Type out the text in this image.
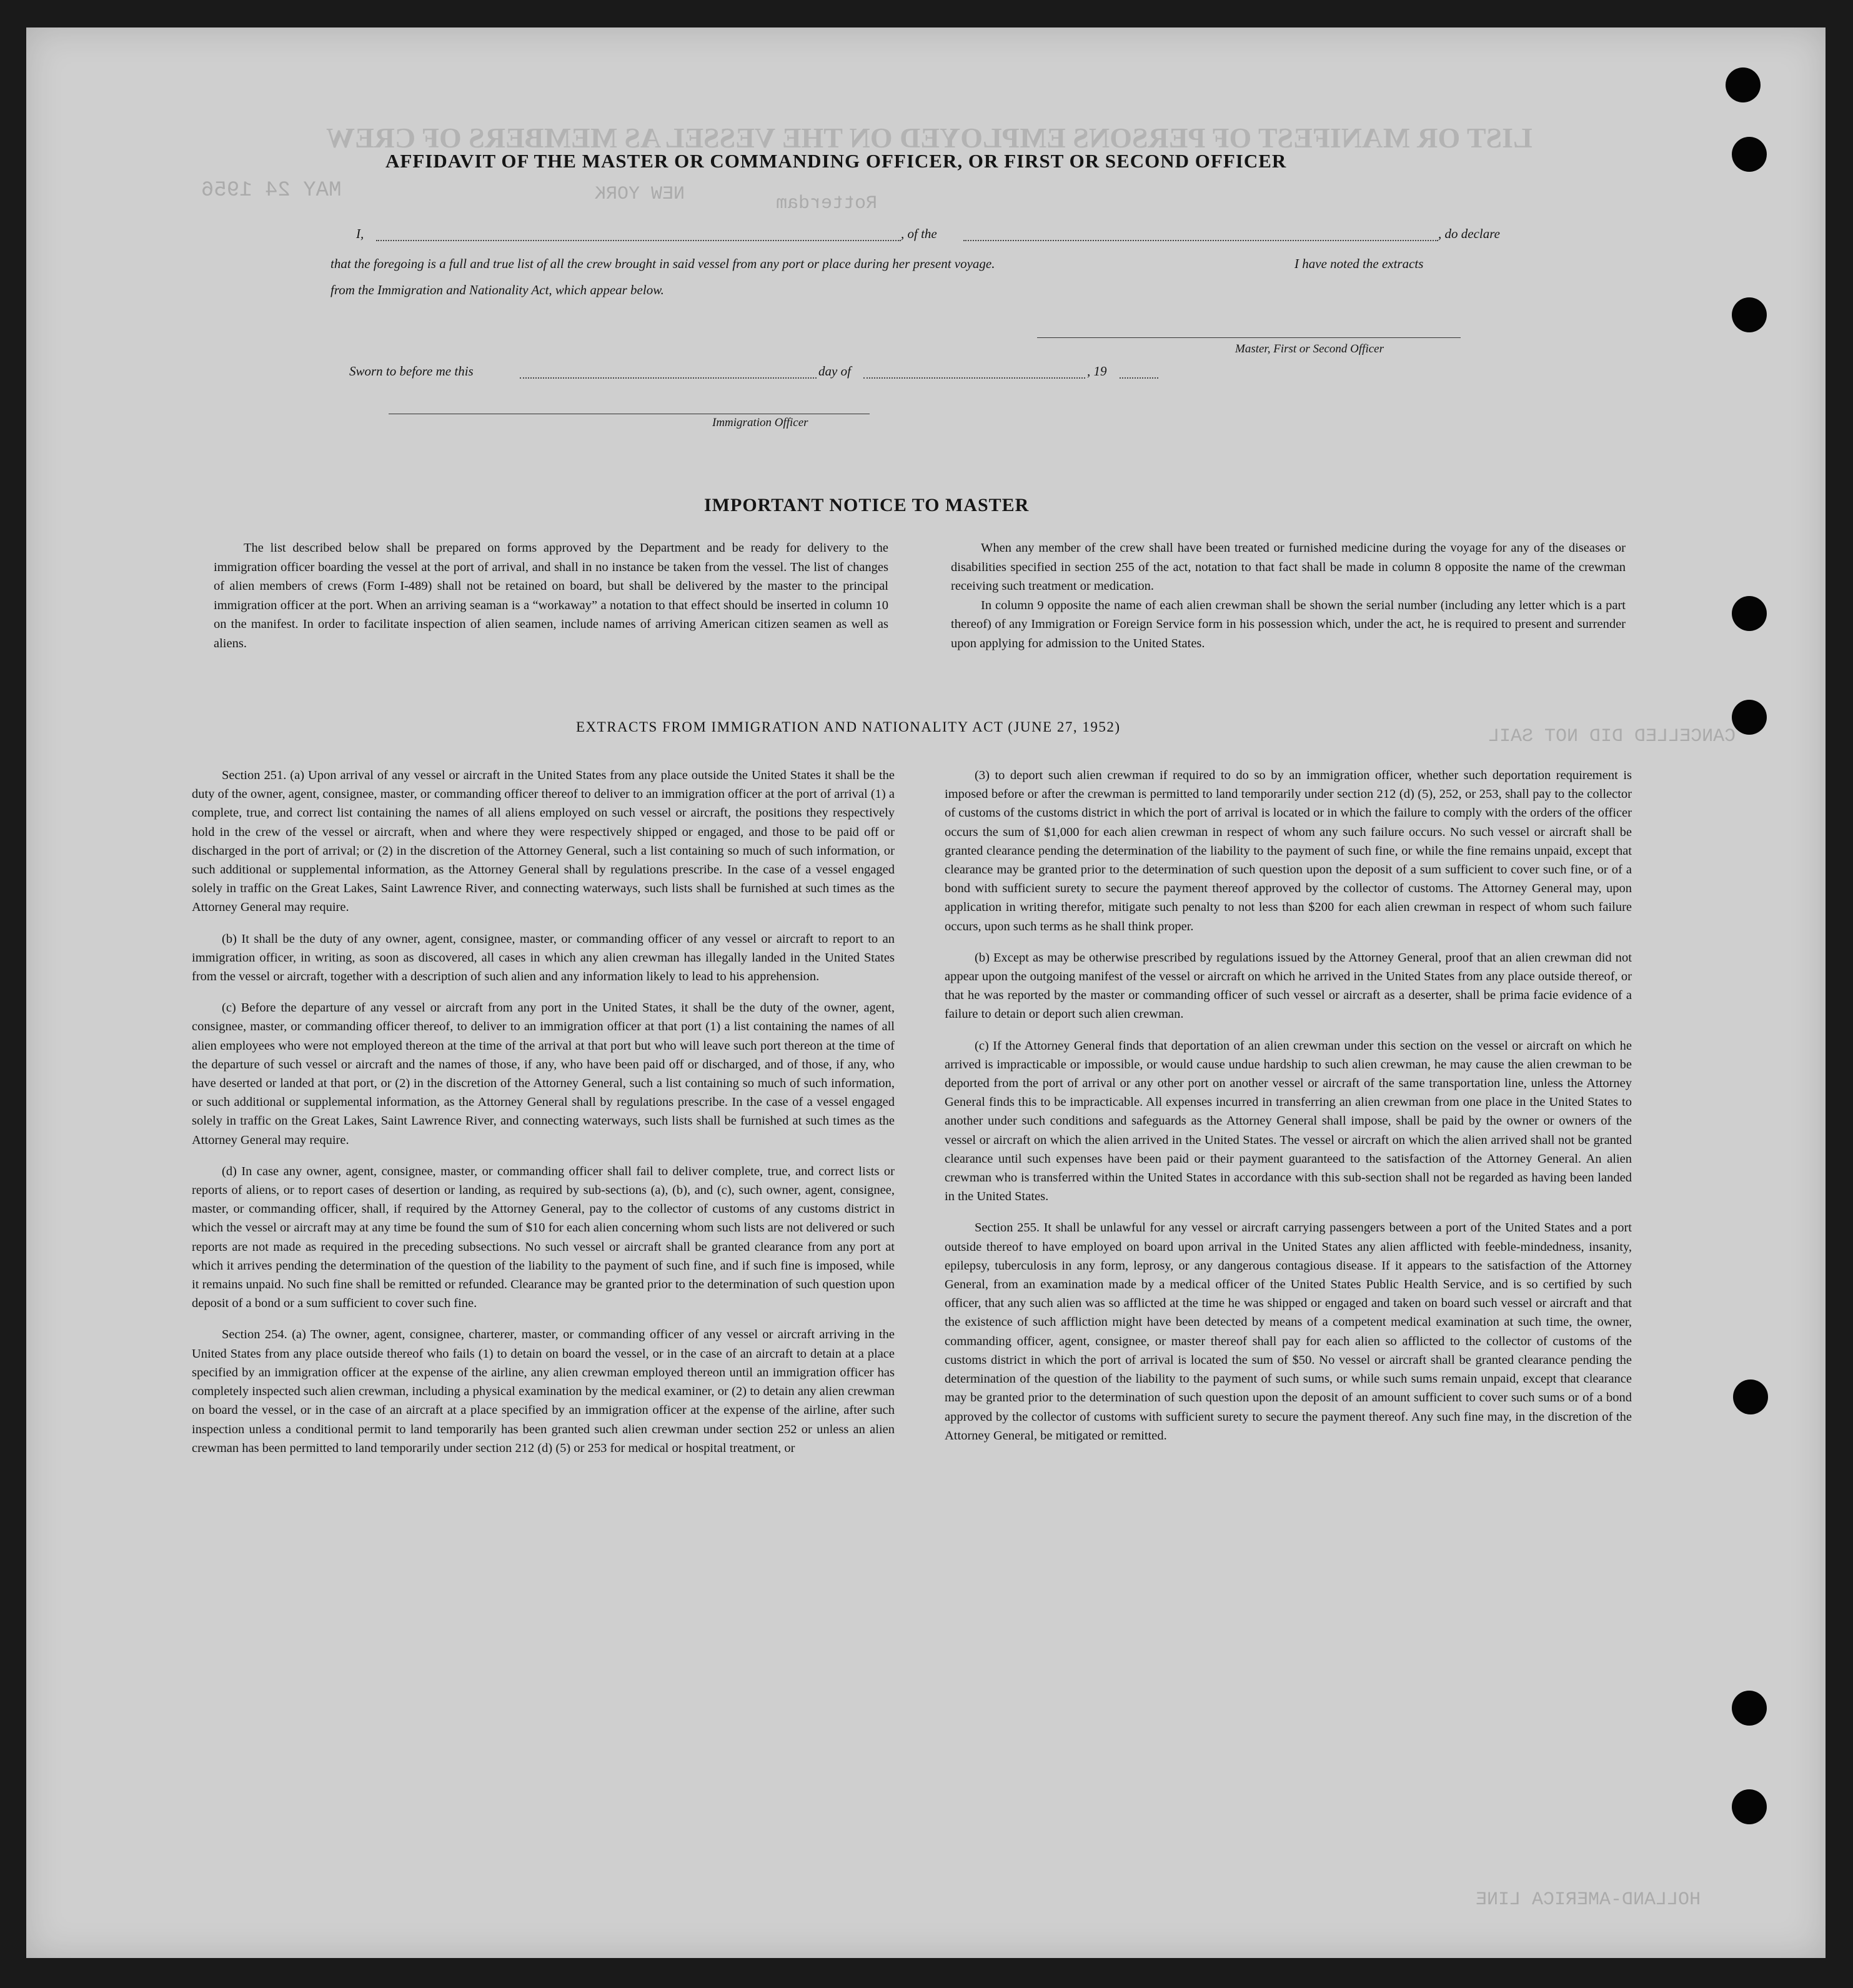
LIST OR MANIFEST OF PERSONS EMPLOYED ON THE VESSEL AS MEMBERS OF CREW
MAY 24 1956	NEW YORK	Rotterdam
CANCELLED DID NOT SAIL
HOLLAND-AMERICA LINE
AFFIDAVIT OF THE MASTER OR COMMANDING OFFICER, OR FIRST OR SECOND OFFICER
I,	, of the	, do declare
that the foregoing is a full and true list of all the crew brought in said vessel from any port or place during her present voyage.	I have noted the extracts
from the Immigration and Nationality Act, which appear below.
Master, First or Second Officer
Sworn to before me this	day of	, 19
Immigration Officer
IMPORTANT NOTICE TO MASTER

The list described below shall be prepared on forms approved by the Department and be ready for delivery to the immigration officer boarding the vessel at the port of arrival, and shall in no instance be taken from the vessel. The list of changes of alien members of crews (Form I-489) shall not be retained on board, but shall be delivered by the master to the principal immigration officer at the port. When an arriving seaman is a “workaway” a notation to that effect should be inserted in column 10 on the manifest. In order to facilitate inspection of alien seamen, include names of arriving American citizen seamen as well as aliens.

When any member of the crew shall have been treated or furnished medicine during the voyage for any of the diseases or disabilities specified in section 255 of the act, notation to that fact shall be made in column 8 opposite the name of the crewman receiving such treatment or medication.

In column 9 opposite the name of each alien crewman shall be shown the serial number (including any letter which is a part thereof) of any Immigration or Foreign Service form in his possession which, under the act, he is required to present and surrender upon applying for admission to the United States.

EXTRACTS FROM IMMIGRATION AND NATIONALITY ACT (JUNE 27, 1952)

Section 251. (a) Upon arrival of any vessel or aircraft in the United States from any place outside the United States it shall be the duty of the owner, agent, consignee, master, or commanding officer thereof to deliver to an immigration officer at the port of arrival (1) a complete, true, and correct list containing the names of all aliens employed on such vessel or aircraft, the positions they respectively hold in the crew of the vessel or aircraft, when and where they were respectively shipped or engaged, and those to be paid off or discharged in the port of arrival; or (2) in the discretion of the Attorney General, such a list containing so much of such information, or such additional or supplemental information, as the Attorney General shall by regulations prescribe. In the case of a vessel engaged solely in traffic on the Great Lakes, Saint Lawrence River, and connecting waterways, such lists shall be furnished at such times as the Attorney General may require.

(b) It shall be the duty of any owner, agent, consignee, master, or commanding officer of any vessel or aircraft to report to an immigration officer, in writing, as soon as discovered, all cases in which any alien crewman has illegally landed in the United States from the vessel or aircraft, together with a description of such alien and any information likely to lead to his apprehension.

(c) Before the departure of any vessel or aircraft from any port in the United States, it shall be the duty of the owner, agent, consignee, master, or commanding officer thereof, to deliver to an immigration officer at that port (1) a list containing the names of all alien employees who were not employed thereon at the time of the arrival at that port but who will leave such port thereon at the time of the departure of such vessel or aircraft and the names of those, if any, who have been paid off or discharged, and of those, if any, who have deserted or landed at that port, or (2) in the discretion of the Attorney General, such a list containing so much of such information, or such additional or supplemental information, as the Attorney General shall by regulations prescribe. In the case of a vessel engaged solely in traffic on the Great Lakes, Saint Lawrence River, and connecting waterways, such lists shall be furnished at such times as the Attorney General may require.

(d) In case any owner, agent, consignee, master, or commanding officer shall fail to deliver complete, true, and correct lists or reports of aliens, or to report cases of desertion or landing, as required by sub-sections (a), (b), and (c), such owner, agent, consignee, master, or commanding officer, shall, if required by the Attorney General, pay to the collector of customs of any customs district in which the vessel or aircraft may at any time be found the sum of $10 for each alien concerning whom such lists are not delivered or such reports are not made as required in the preceding subsections. No such vessel or aircraft shall be granted clearance from any port at which it arrives pending the determination of the question of the liability to the payment of such fine, and if such fine is imposed, while it remains unpaid. No such fine shall be remitted or refunded. Clearance may be granted prior to the determination of such question upon deposit of a bond or a sum sufficient to cover such fine.

Section 254. (a) The owner, agent, consignee, charterer, master, or commanding officer of any vessel or aircraft arriving in the United States from any place outside thereof who fails (1) to detain on board the vessel, or in the case of an aircraft to detain at a place specified by an immigration officer at the expense of the airline, any alien crewman employed thereon until an immigration officer has completely inspected such alien crewman, including a physical examination by the medical examiner, or (2) to detain any alien crewman on board the vessel, or in the case of an aircraft at a place specified by an immigration officer at the expense of the airline, after such inspection unless a conditional permit to land temporarily has been granted such alien crewman under section 252 or unless an alien crewman has been permitted to land temporarily under section 212 (d) (5) or 253 for medical or hospital treatment, or

(3) to deport such alien crewman if required to do so by an immigration officer, whether such deportation requirement is imposed before or after the crewman is permitted to land temporarily under section 212 (d) (5), 252, or 253, shall pay to the collector of customs of the customs district in which the port of arrival is located or in which the failure to comply with the orders of the officer occurs the sum of $1,000 for each alien crewman in respect of whom any such failure occurs. No such vessel or aircraft shall be granted clearance pending the determination of the liability to the payment of such fine, or while the fine remains unpaid, except that clearance may be granted prior to the determination of such question upon the deposit of a sum sufficient to cover such fine, or of a bond with sufficient surety to secure the payment thereof approved by the collector of customs. The Attorney General may, upon application in writing therefor, mitigate such penalty to not less than $200 for each alien crewman in respect of whom such failure occurs, upon such terms as he shall think proper.

(b) Except as may be otherwise prescribed by regulations issued by the Attorney General, proof that an alien crewman did not appear upon the outgoing manifest of the vessel or aircraft on which he arrived in the United States from any place outside thereof, or that he was reported by the master or commanding officer of such vessel or aircraft as a deserter, shall be prima facie evidence of a failure to detain or deport such alien crewman.

(c) If the Attorney General finds that deportation of an alien crewman under this section on the vessel or aircraft on which he arrived is impracticable or impossible, or would cause undue hardship to such alien crewman, he may cause the alien crewman to be deported from the port of arrival or any other port on another vessel or aircraft of the same transportation line, unless the Attorney General finds this to be impracticable. All expenses incurred in transferring an alien crewman from one place in the United States to another under such conditions and safeguards as the Attorney General shall impose, shall be paid by the owner or owners of the vessel or aircraft on which the alien arrived in the United States. The vessel or aircraft on which the alien arrived shall not be granted clearance until such expenses have been paid or their payment guaranteed to the satisfaction of the Attorney General. An alien crewman who is transferred within the United States in accordance with this sub-section shall not be regarded as having been landed in the United States.

Section 255. It shall be unlawful for any vessel or aircraft carrying passengers between a port of the United States and a port outside thereof to have employed on board upon arrival in the United States any alien afflicted with feeble-mindedness, insanity, epilepsy, tuberculosis in any form, leprosy, or any dangerous contagious disease. If it appears to the satisfaction of the Attorney General, from an examination made by a medical officer of the United States Public Health Service, and is so certified by such officer, that any such alien was so afflicted at the time he was shipped or engaged and taken on board such vessel or aircraft and that the existence of such affliction might have been detected by means of a competent medical examination at such time, the owner, commanding officer, agent, consignee, or master thereof shall pay for each alien so afflicted to the collector of customs of the customs district in which the port of arrival is located the sum of $50. No vessel or aircraft shall be granted clearance pending the determination of the question of the liability to the payment of such sums, or while such sums remain unpaid, except that clearance may be granted prior to the determination of such question upon the deposit of an amount sufficient to cover such sums or of a bond approved by the collector of customs with sufficient surety to secure the payment thereof. Any such fine may, in the discretion of the Attorney General, be mitigated or remitted.
